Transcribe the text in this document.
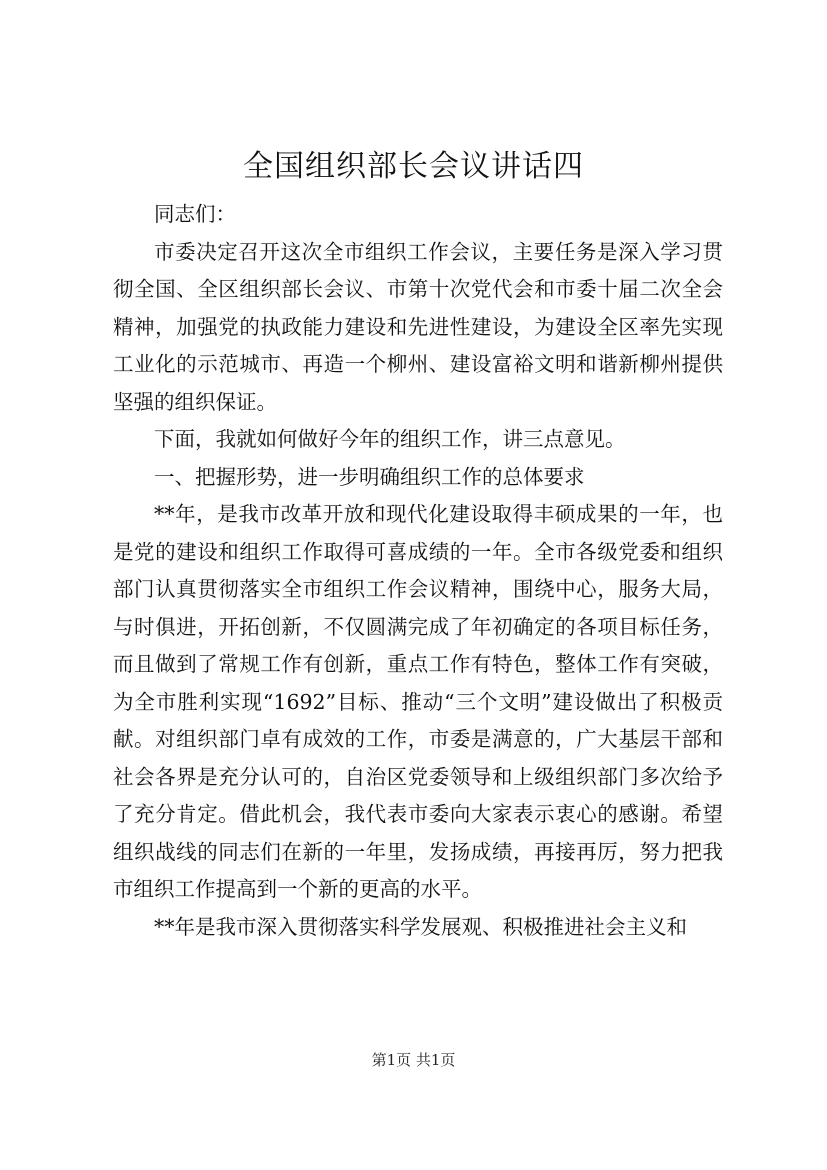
全国组织部长会议讲话四

同志们：

市委决定召开这次全市组织工作会议，主要任务是深入学习贯彻全国、全区组织部长会议、市第十次党代会和市委十届二次全会精神，加强党的执政能力建设和先进性建设，为建设全区率先实现工业化的示范城市、再造一个柳州、建设富裕文明和谐新柳州提供坚强的组织保证。

下面，我就如何做好今年的组织工作，讲三点意见。

一、把握形势，进一步明确组织工作的总体要求

**年，是我市改革开放和现代化建设取得丰硕成果的一年，也是党的建设和组织工作取得可喜成绩的一年。全市各级党委和组织部门认真贯彻落实全市组织工作会议精神，围绕中心，服务大局，与时俱进，开拓创新，不仅圆满完成了年初确定的各项目标任务，而且做到了常规工作有创新，重点工作有特色，整体工作有突破，为全市胜利实现“1692”目标、推动“三个文明”建设做出了积极贡献。对组织部门卓有成效的工作，市委是满意的，广大基层干部和社会各界是充分认可的，自治区党委领导和上级组织部门多次给予了充分肯定。借此机会，我代表市委向大家表示衷心的感谢。希望组织战线的同志们在新的一年里，发扬成绩，再接再厉，努力把我市组织工作提高到一个新的更高的水平。

**年是我市深入贯彻落实科学发展观、积极推进社会主义和

第1页 共1页
